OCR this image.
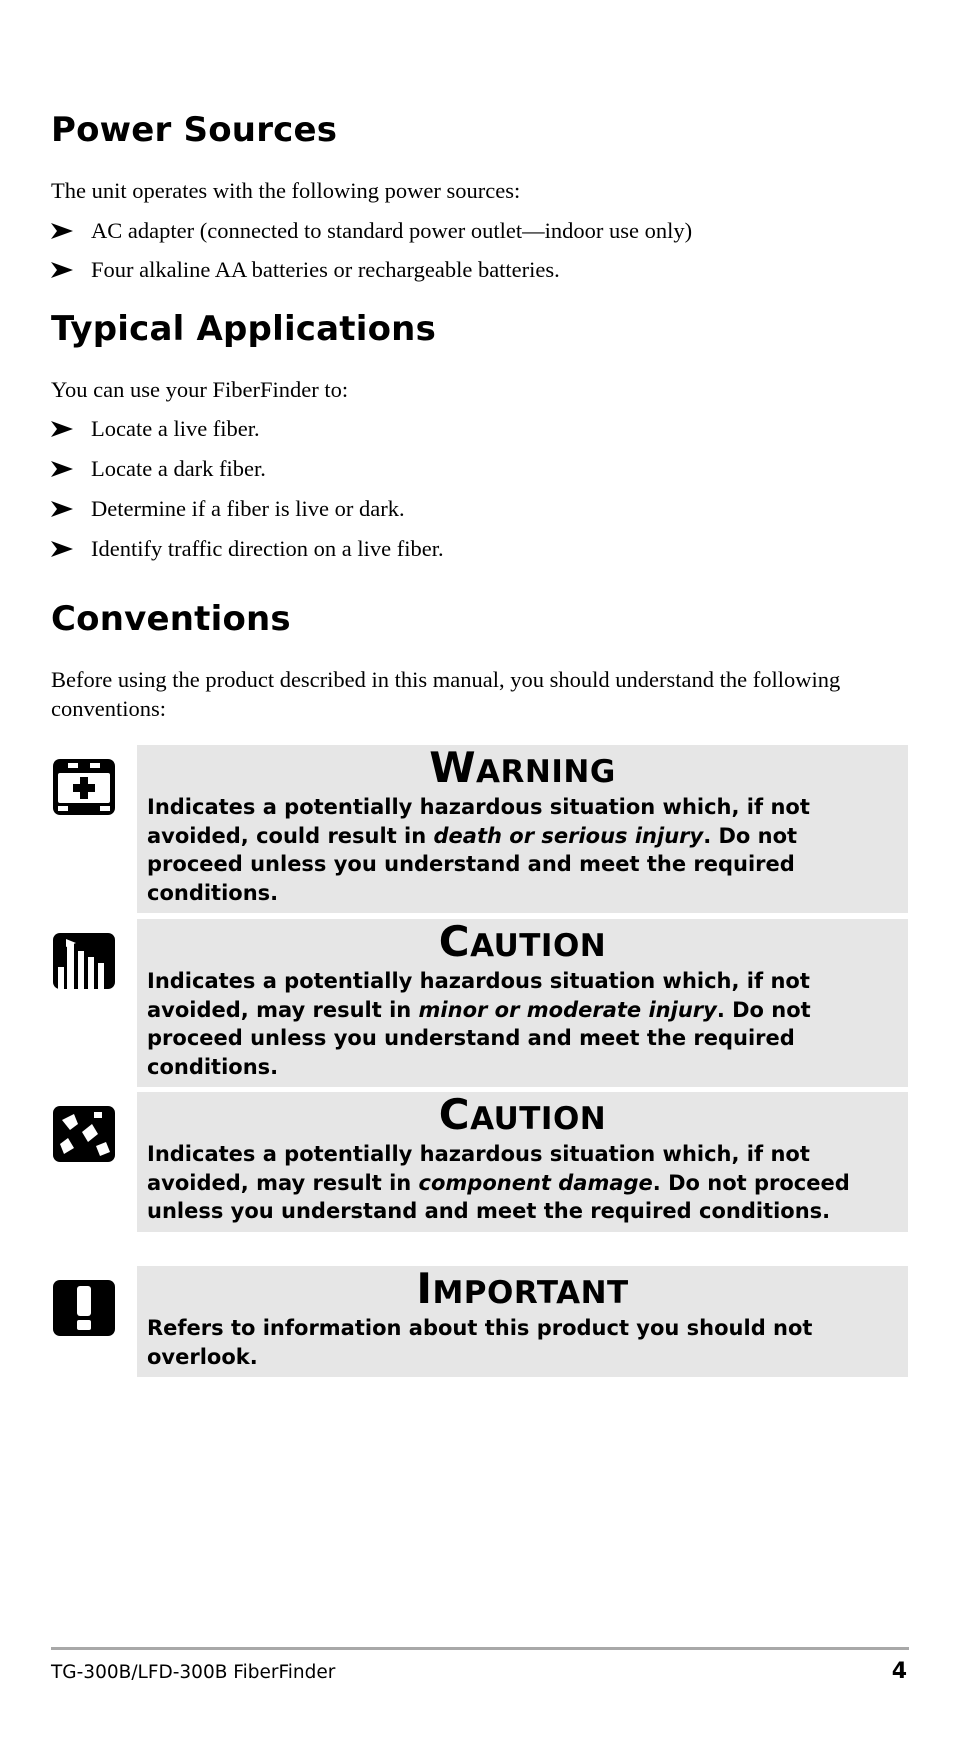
Power Sources

The unit operates with the following power sources:

AC adapter (connected to standard power outlet—indoor use only)
Four alkaline AA batteries or rechargeable batteries.
Typical Applications

You can use your FiberFinder to:

Locate a live fiber.
Locate a dark fiber.
Determine if a fiber is live or dark.
Identify traffic direction on a live fiber.
Conventions

Before using the product described in this manual, you should understand the following conventions:

WARNING
Indicates a potentially hazardous situation which, if not avoided, could result in death or serious injury. Do not proceed unless you understand and meet the required conditions.
CAUTION
Indicates a potentially hazardous situation which, if not avoided, may result in minor or moderate injury. Do not proceed unless you understand and meet the required conditions.
CAUTION
Indicates a potentially hazardous situation which, if not avoided, may result in component damage. Do not proceed unless you understand and meet the required conditions.
IMPORTANT
Refers to information about this product you should not overlook.
TG-300B/LFD-300B FiberFinder	4
